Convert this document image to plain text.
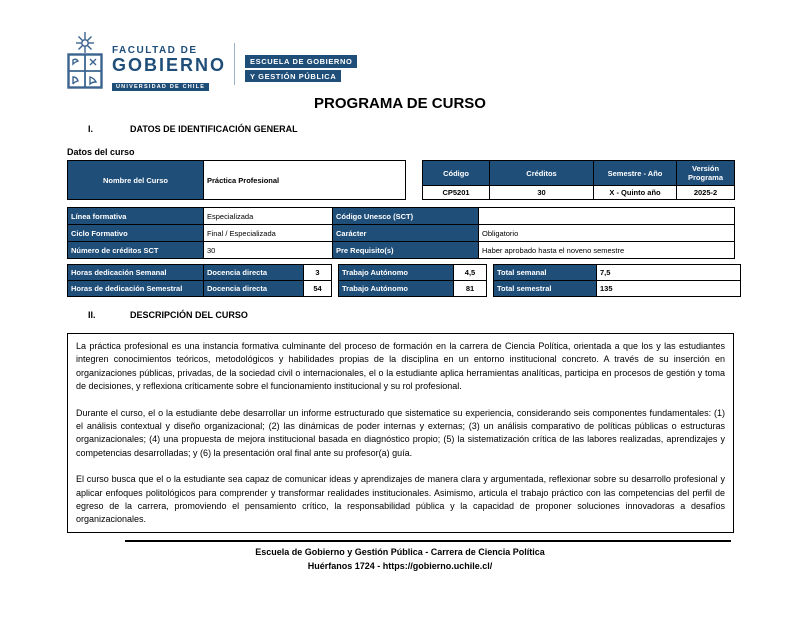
FACULTAD DE
GOBIERNO
UNIVERSIDAD DE CHILE
ESCUELA DE GOBIERNO
Y GESTIÓN PÚBLICA
PROGRAMA DE CURSO
I.	DATOS DE IDENTIFICACIÓN GENERAL
Datos del curso
Nombre del Curso	Práctica Profesional		Código	Créditos	Semestre - Año	Versión Programa
			CP5201	30	X - Quinto año	2025-2
Línea formativa	Especializada	Código Unesco (SCT)	
Ciclo Formativo	Final / Especializada	Carácter	Obligatorio
Número de créditos SCT	30	Pre Requisito(s)	Haber aprobado hasta el noveno semestre
Horas dedicación Semanal	Docencia directa	3		Trabajo Autónomo	4,5		Total semanal	7,5
Horas de dedicación Semestral	Docencia directa	54		Trabajo Autónomo	81		Total semestral	135
II.	DESCRIPCIÓN DEL CURSO

La práctica profesional es una instancia formativa culminante del proceso de formación en la carrera de Ciencia Política, orientada a que los y las estudiantes integren conocimientos teóricos, metodológicos y habilidades propias de la disciplina en un entorno institucional concreto. A través de su inserción en organizaciones públicas, privadas, de la sociedad civil o internacionales, el o la estudiante aplica herramientas analíticas, participa en procesos de gestión y toma de decisiones, y reflexiona críticamente sobre el funcionamiento institucional y su rol profesional.

Durante el curso, el o la estudiante debe desarrollar un informe estructurado que sistematice su experiencia, considerando seis componentes fundamentales: (1) el análisis contextual y diseño organizacional; (2) las dinámicas de poder internas y externas; (3) un análisis comparativo de políticas públicas o estructuras organizacionales; (4) una propuesta de mejora institucional basada en diagnóstico propio; (5) la sistematización crítica de las labores realizadas, aprendizajes y competencias desarrolladas; y (6) la presentación oral final ante su profesor(a) guía.

El curso busca que el o la estudiante sea capaz de comunicar ideas y aprendizajes de manera clara y argumentada, reflexionar sobre su desarrollo profesional y aplicar enfoques politológicos para comprender y transformar realidades institucionales. Asimismo, articula el trabajo práctico con las competencias del perfil de egreso de la carrera, promoviendo el pensamiento crítico, la responsabilidad pública y la capacidad de proponer soluciones innovadoras a desafíos organizacionales.

Escuela de Gobierno y Gestión Pública - Carrera de Ciencia Política
Huérfanos 1724 - https://gobierno.uchile.cl/
